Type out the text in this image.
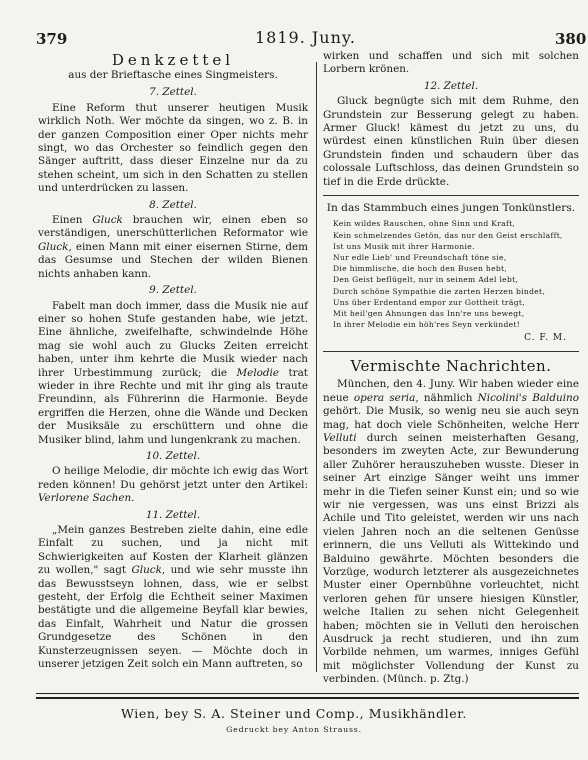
379	1819. Juny.	380
Denkzettel
aus der Brieftasche eines Singmeisters.
7. Zettel.

Eine Reform thut unserer heutigen Musik wirklich Noth. Wer möchte da singen, wo z. B. in der ganzen Composition einer Oper nichts mehr singt, wo das Orchester so feindlich gegen den Sänger auftritt, dass dieser Einzelne nur da zu stehen scheint, um sich in den Schatten zu stellen und unterdrücken zu lassen.

8. Zettel.

Einen Gluck brauchen wir, einen eben so verständigen, unerschütterlichen Reformator wie Gluck, einen Mann mit einer eisernen Stirne, dem das Gesumse und Stechen der wilden Bienen nichts anhaben kann.

9. Zettel.

Fabelt man doch immer, dass die Musik nie auf einer so hohen Stufe gestanden habe, wie jetzt. Eine ähnliche, zweifelhafte, schwindelnde Höhe mag sie wohl auch zu Glucks Zeiten erreicht haben, unter ihm kehrte die Musik wieder nach ihrer Urbestimmung zurück; die Melodie trat wieder in ihre Rechte und mit ihr ging als traute Freundinn, als Führerinn die Harmonie. Beyde ergriffen die Herzen, ohne die Wände und Decken der Musiksäle zu erschüttern und ohne die Musiker blind, lahm und lungenkrank zu machen.

10. Zettel.

O heilige Melodie, dir möchte ich ewig das Wort reden können! Du gehörst jetzt unter den Artikel: Verlorene Sachen.

11. Zettel.

„Mein ganzes Bestreben zielte dahin, eine edle Einfalt zu suchen, und ja nicht mit Schwierigkeiten auf Kosten der Klarheit glänzen zu wollen," sagt Gluck, und wie sehr musste ihn das Bewusstseyn lohnen, dass, wie er selbst gesteht, der Erfolg die Echtheit seiner Maximen bestätigte und die allgemeine Beyfall klar bewies, das Einfalt, Wahrheit und Natur die grossen Grundgesetze des Schönen in den Kunsterzeugnissen seyen. — Möchte doch in unserer jetzigen Zeit solch ein Mann auftreten, so

wirken und schaffen und sich mit solchen Lorbern krönen.

12. Zettel.

Gluck begnügte sich mit dem Ruhme, den Grundstein zur Besserung gelegt zu haben. Armer Gluck! kämest du jetzt zu uns, du würdest einen künstlichen Ruin über diesen Grundstein finden und schaudern über das colossale Luftschloss, das deinen Grundstein so tief in die Erde drückte.

In das Stammbuch eines jungen Tonkünstlers.
Kein wildes Rauschen, ohne Sinn und Kraft,
Kein schmelzendes Getön, das nur den Geist erschlafft,
Ist uns Musik mit ihrer Harmonie.
Nur edle Lieb' und Freundschaft töne sie,
Die himmlische, die hoch den Busen hebt,
Den Geist beflügelt, nur in seinem Adel lebt,
Durch schöne Sympathie die zarten Herzen bindet,
Uns über Erdentand empor zur Gottheit trägt,
Mit heil'gen Ahnungen das Inn're uns bewegt,
In ihrer Melodie ein höh'res Seyn verkündet!
C. F. M.
Vermischte Nachrichten.

München, den 4. Juny. Wir haben wieder eine neue opera seria, nähmlich Nicolini's Balduino gehört. Die Musik, so wenig neu sie auch seyn mag, hat doch viele Schönheiten, welche Herr Velluti durch seinen meisterhaften Gesang, besonders im zweyten Acte, zur Bewunderung aller Zuhörer herauszuheben wusste. Dieser in seiner Art einzige Sänger weiht uns immer mehr in die Tiefen seiner Kunst ein; und so wie wir nie vergessen, was uns einst Brizzi als Achile und Tito geleistet, werden wir uns nach vielen Jahren noch an die seltenen Genüsse erinnern, die uns Velluti als Wittekindo und Balduino gewährte. Möchten besonders die Vorzüge, wodurch letzterer als ausgezeichnetes Muster einer Opernbühne vorleuchtet, nicht verloren gehen für unsere hiesigen Künstler, welche Italien zu sehen nicht Gelegenheit haben; möchten sie in Velluti den heroischen Ausdruck ja recht studieren, und ihn zum Vorbilde nehmen, um warmes, inniges Gefühl mit möglichster Vollendung der Kunst zu verbinden. (Münch. p. Ztg.)

Wien, bey S. A. Steiner und Comp., Musikhändler.
Gedruckt bey Anton Strauss.
